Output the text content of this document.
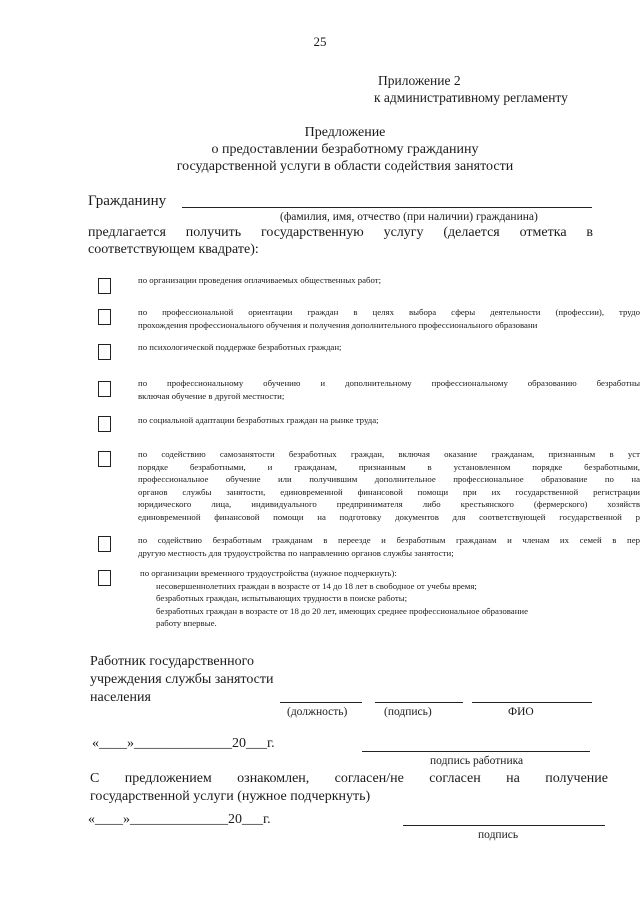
25
Приложение 2
к административному регламенту
Предложение
о предоставлении безработному гражданину
государственной услуги в области содействия занятости
Гражданину
(фамилия, имя, отчество (при наличии) гражданина)
предлагается получить государственную услугу (делается отметка в
соответствующем квадрате):
по организации проведения оплачиваемых общественных работ;
по профессиональной ориентации граждан в целях выбора сферы деятельности (профессии), трудо
прохождения профессионального обучения и получения дополнительного профессионального образовани
по психологической поддержке безработных граждан;
по профессиональному обучению и дополнительному профессиональному образованию безработны
включая обучение в другой местности;
по социальной адаптации безработных граждан на рынке труда;
по содействию самозанятости безработных граждан, включая оказание гражданам, признанным в уст
порядке безработными, и гражданам, признанным в установленном порядке безработными,
профессиональное обучение или получившим дополнительное профессиональное образование по на
органов службы занятости, единовременной финансовой помощи при их государственной регистрации
юридического лица, индивидуального предпринимателя либо крестьянского (фермерского) хозяйств
единовременной финансовой помощи на подготовку документов для соответствующей государственной р
по содействию безработным гражданам в переезде и безработным гражданам и членам их семей в пер
другую местность для трудоустройства по направлению органов службы занятости;
по организации временного трудоустройства (нужное подчеркнуть):
несовершеннолетних граждан в возрасте от 14 до 18 лет в свободное от учебы время;
безработных граждан, испытывающих трудности в поиске работы;
безработных граждан в возрасте от 18 до 20 лет, имеющих среднее профессиональное образование
работу впервые.
Работник государственного
учреждения службы занятости
населения
(должность)	(подпись)	ФИО
«____»______________20___г.
подпись работника
С предложением ознакомлен, согласен/не согласен на получение
государственной услуги (нужное подчеркнуть)
«____»______________20___г.
подпись
